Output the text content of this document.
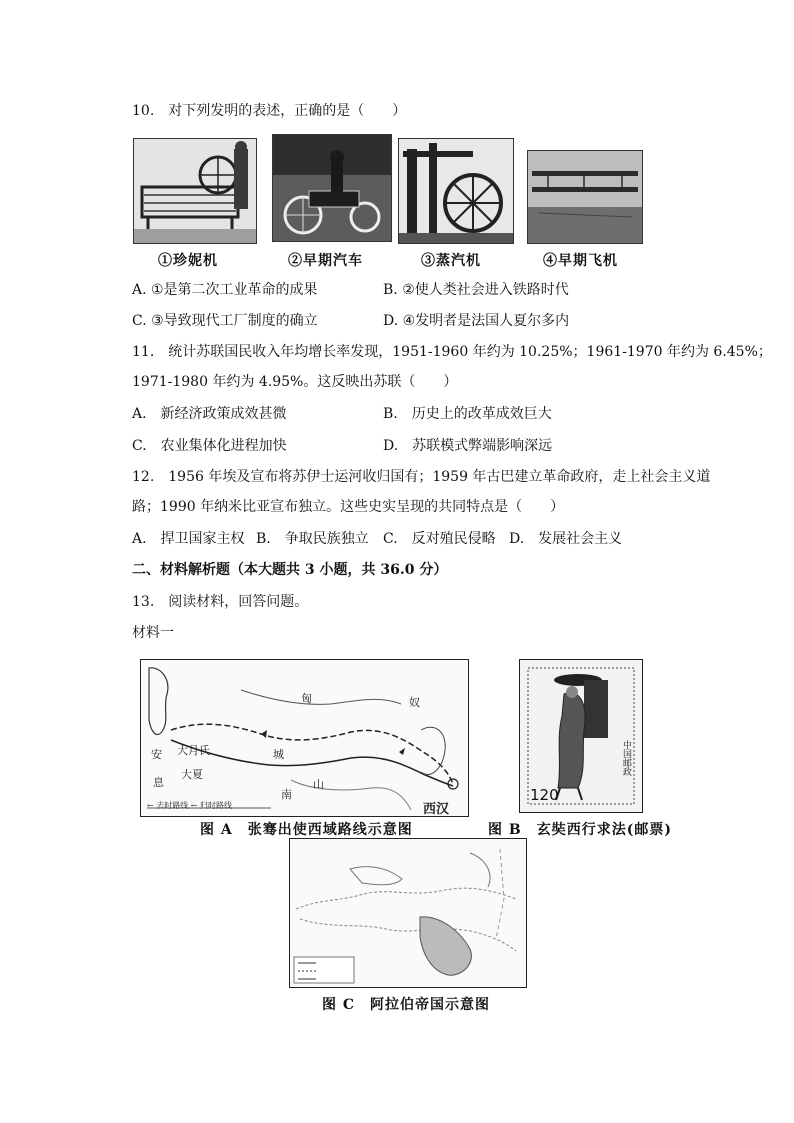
10.　对下列发明的表述，正确的是（　　）
①珍妮机	②早期汽车	③蒸汽机	④早期飞机
A. ①是第二次工业革命的成果	B. ②使人类社会进入铁路时代
C. ③导致现代工厂制度的确立	D. ④发明者是法国人夏尔多内
11.　统计苏联国民收入年均增长率发现，1951-1960 年约为 10.25%；1961-1970 年约为 6.45%；
1971-1980 年约为 4.95%。这反映出苏联（　　）
A.　新经济政策成效甚微	B.　历史上的改革成效巨大
C.　农业集体化进程加快	D.　苏联模式弊端影响深远
12.　1956 年埃及宣布将苏伊士运河收归国有；1959 年古巴建立革命政府，走上社会主义道
路；1990 年纳米比亚宣布独立。这些史实呈现的共同特点是（　　）
A.　捍卫国家主权 B.　争取民族独立 C.　反对殖民侵略 D.　发展社会主义
二、材料解析题（本大题共 3 小题，共 36.0 分）
13.　阅读材料，回答问题。
材料一
匈	奴
安
息
大月氏
大夏
城
南
山
西汉
← 去时路线 ← 归时路线
120
中国邮政
图 A　张骞出使西域路线示意图	图 B　玄奘西行求法(邮票)
图 C　阿拉伯帝国示意图
